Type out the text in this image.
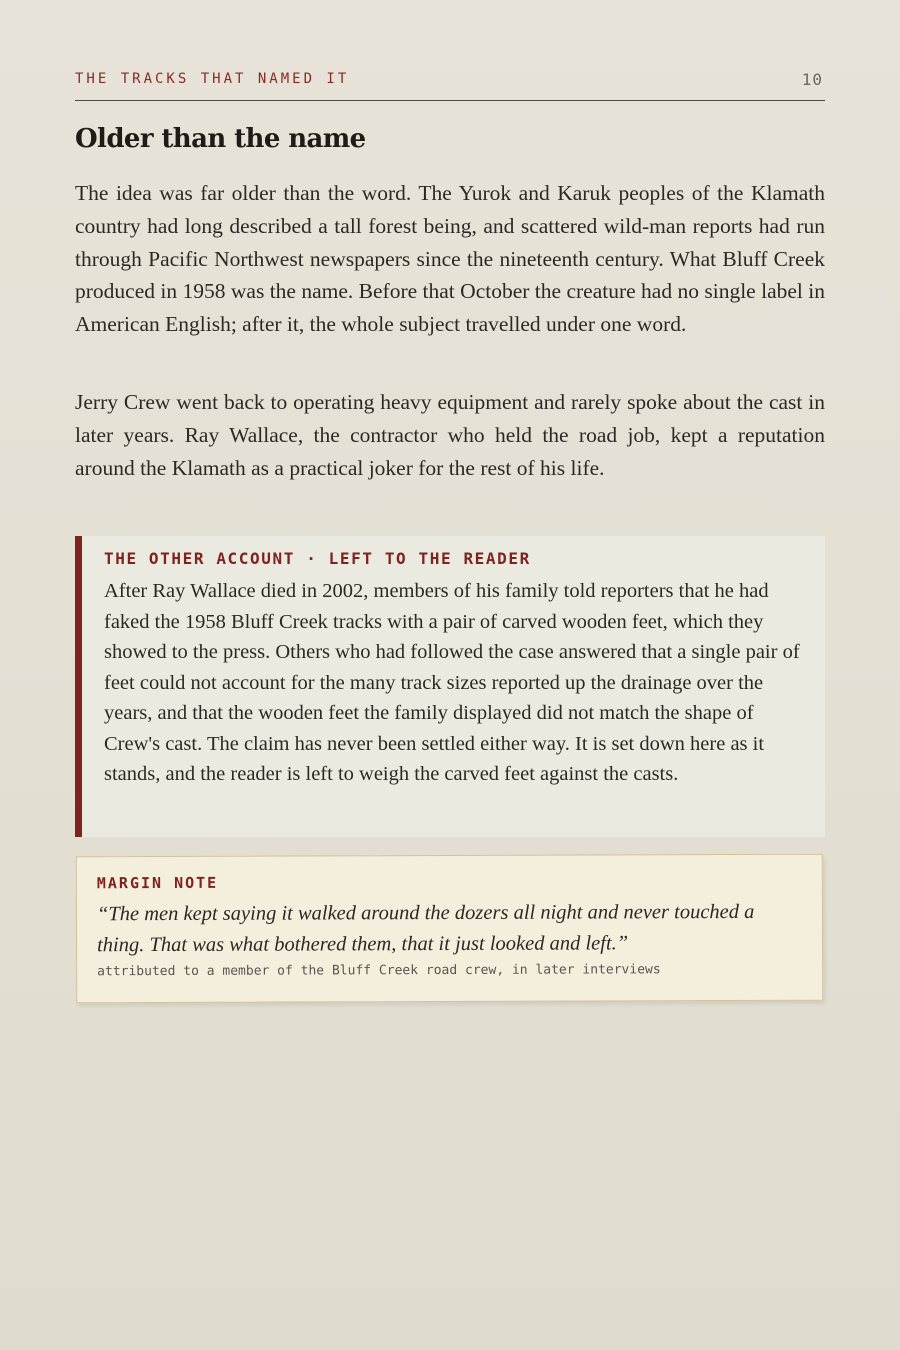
THE TRACKS THAT NAMED IT	10
Older than the name

The idea was far older than the word. The Yurok and Karuk peoples of the Klamath country had long described a tall forest being, and scattered wild-man reports had run through Pacific Northwest newspapers since the nineteenth century. What Bluff Creek produced in 1958 was the name. Before that October the creature had no single label in American English; after it, the whole subject travelled under one word.

Jerry Crew went back to operating heavy equipment and rarely spoke about the cast in later years. Ray Wallace, the contractor who held the road job, kept a reputation around the Klamath as a practical joker for the rest of his life.

THE OTHER ACCOUNT · LEFT TO THE READER

After Ray Wallace died in 2002, members of his family told reporters that he had faked the 1958 Bluff Creek tracks with a pair of carved wooden feet, which they showed to the press. Others who had followed the case answered that a single pair of feet could not account for the many track sizes reported up the drainage over the years, and that the wooden feet the family displayed did not match the shape of Crew's cast. The claim has never been settled either way. It is set down here as it stands, and the reader is left to weigh the carved feet against the casts.

MARGIN NOTE

“The men kept saying it walked around the dozers all night and never touched a thing. That was what bothered them, that it just looked and left.”

attributed to a member of the Bluff Creek road crew, in later interviews
